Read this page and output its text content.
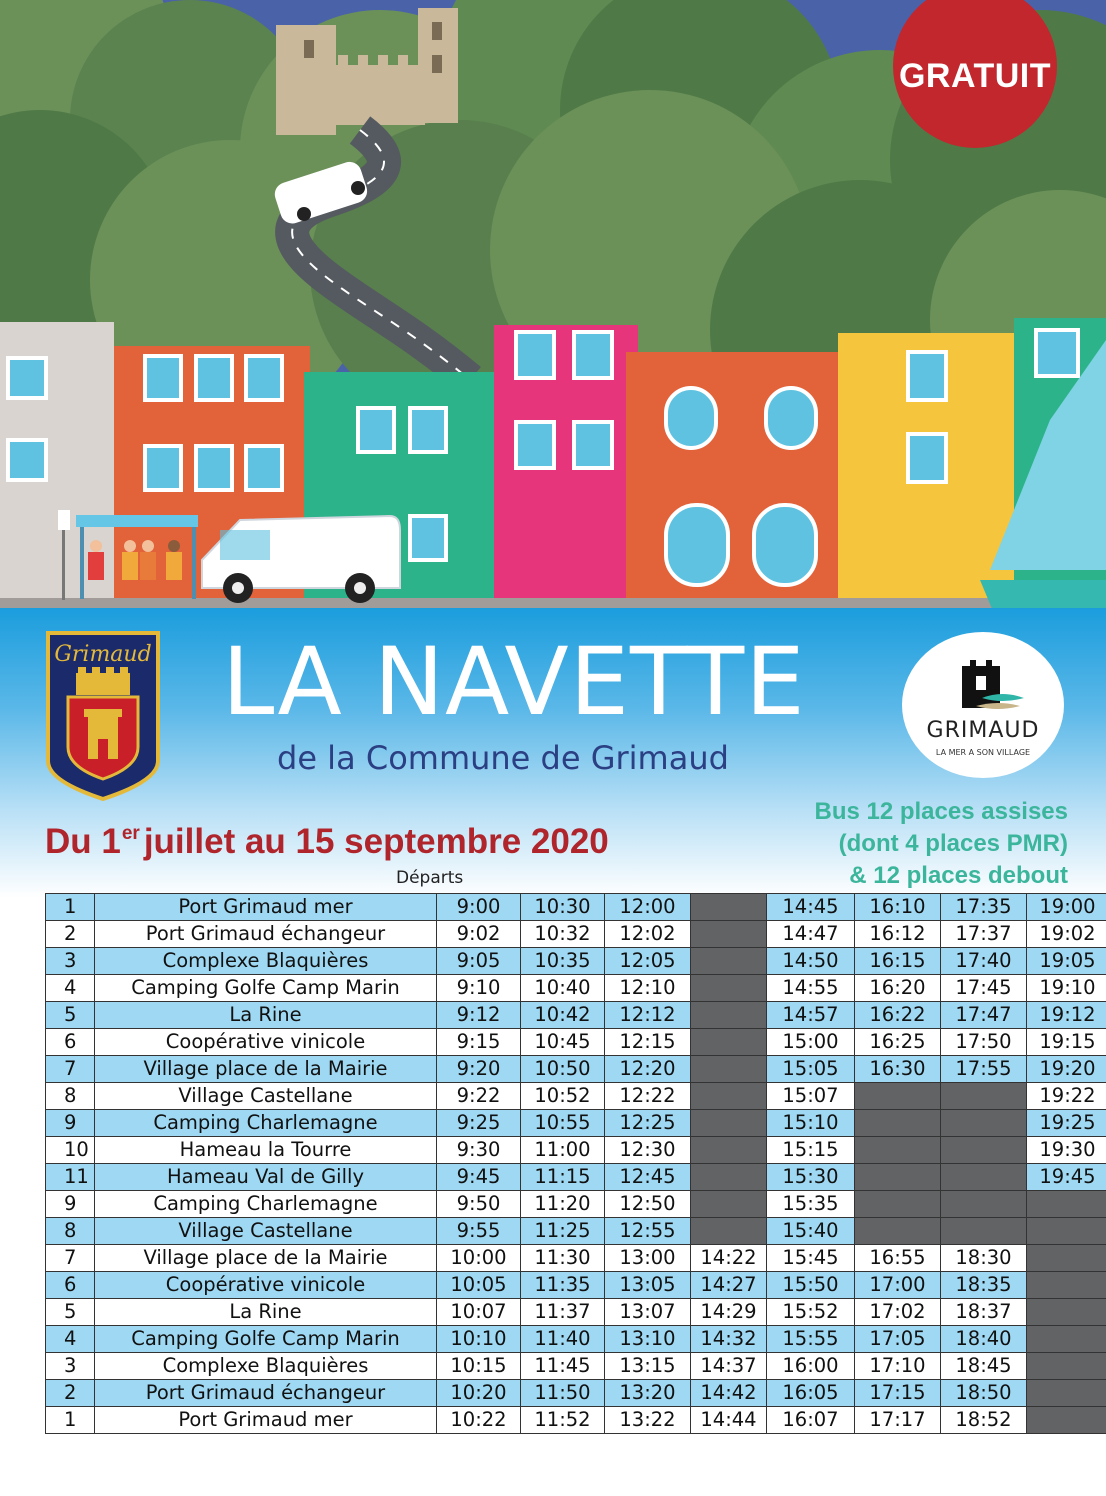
GRATUIT
Grimaud LA NAVETTE
de la Commune de Grimaud
GRIMAUD
LA MER A SON VILLAGE
Du 1er juillet au 15 septembre 2020
Bus 12 places assises
(dont 4 places PMR)
& 12 places debout
Départs
1	Port Grimaud mer	9:00	10:30	12:00		14:45	16:10	17:35	19:00
2	Port Grimaud échangeur	9:02	10:32	12:02		14:47	16:12	17:37	19:02
3	Complexe Blaquières	9:05	10:35	12:05		14:50	16:15	17:40	19:05
4	Camping Golfe Camp Marin	9:10	10:40	12:10		14:55	16:20	17:45	19:10
5	La Rine	9:12	10:42	12:12		14:57	16:22	17:47	19:12
6	Coopérative vinicole	9:15	10:45	12:15		15:00	16:25	17:50	19:15
7	Village place de la Mairie	9:20	10:50	12:20		15:05	16:30	17:55	19:20
8	Village Castellane	9:22	10:52	12:22		15:07			19:22
9	Camping Charlemagne	9:25	10:55	12:25		15:10			19:25
10	Hameau la Tourre	9:30	11:00	12:30		15:15			19:30
11	Hameau Val de Gilly	9:45	11:15	12:45		15:30			19:45
9	Camping Charlemagne	9:50	11:20	12:50		15:35			
8	Village Castellane	9:55	11:25	12:55		15:40			
7	Village place de la Mairie	10:00	11:30	13:00	14:22	15:45	16:55	18:30	
6	Coopérative vinicole	10:05	11:35	13:05	14:27	15:50	17:00	18:35	
5	La Rine	10:07	11:37	13:07	14:29	15:52	17:02	18:37	
4	Camping Golfe Camp Marin	10:10	11:40	13:10	14:32	15:55	17:05	18:40	
3	Complexe Blaquières	10:15	11:45	13:15	14:37	16:00	17:10	18:45	
2	Port Grimaud échangeur	10:20	11:50	13:20	14:42	16:05	17:15	18:50	
1	Port Grimaud mer	10:22	11:52	13:22	14:44	16:07	17:17	18:52	
